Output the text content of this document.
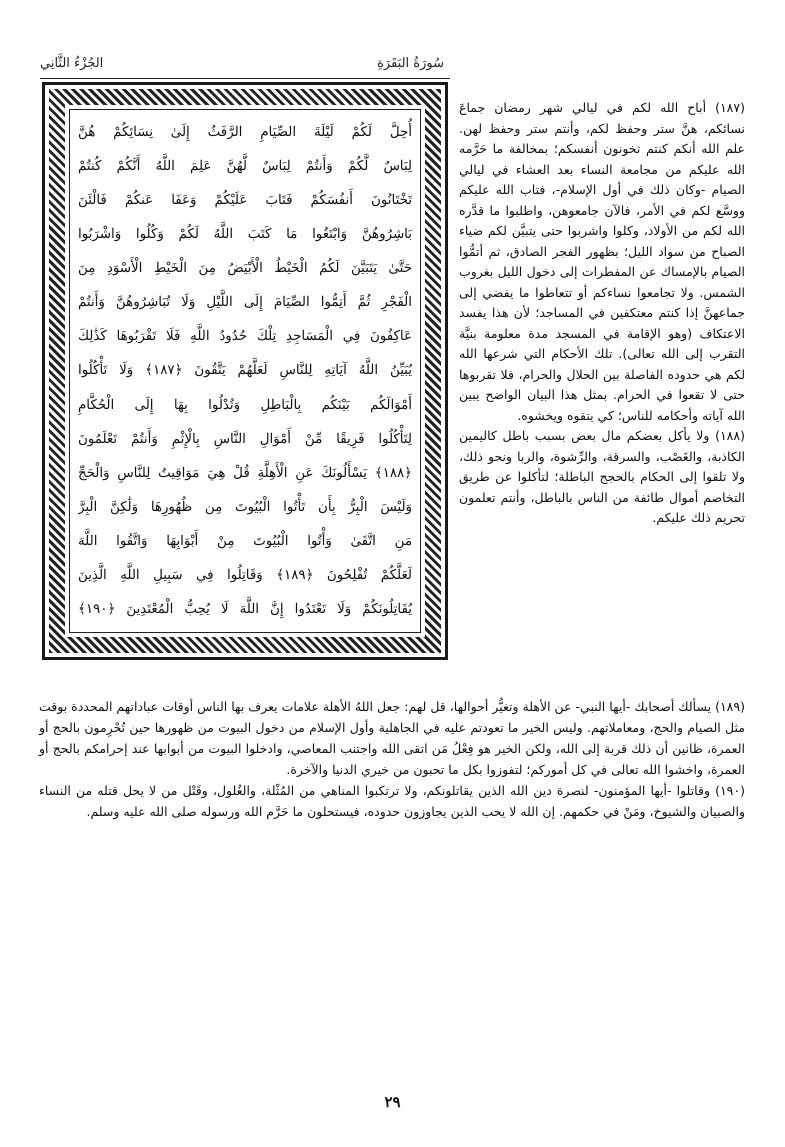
سُورَةُ البَقَرَةِ
الجُزْءُ الثَّانِي
أُحِلَّ لَكُمْ لَيْلَةَ الصِّيَامِ الرَّفَثُ إِلَىٰ نِسَائِكُمْ هُنَّ
لِبَاسٌ لَّكُمْ وَأَنتُمْ لِبَاسٌ لَّهُنَّ عَلِمَ اللَّهُ أَنَّكُمْ كُنتُمْ
تَخْتَانُونَ أَنفُسَكُمْ فَتَابَ عَلَيْكُمْ وَعَفَا عَنكُمْ فَالْئَنَ
بَاشِرُوهُنَّ وَابْتَغُوا مَا كَتَبَ اللَّهُ لَكُمْ وَكُلُوا وَاشْرَبُوا
حَتَّىٰ يَتَبَيَّنَ لَكُمُ الْخَيْطُ الْأَبْيَضُ مِنَ الْخَيْطِ الْأَسْوَدِ مِنَ
الْفَجْرِ ثُمَّ أَتِمُّوا الصِّيَامَ إِلَى اللَّيْلِ وَلَا تُبَاشِرُوهُنَّ وَأَنتُمْ
عَاكِفُونَ فِي الْمَسَاجِدِ تِلْكَ حُدُودُ اللَّهِ فَلَا تَقْرَبُوهَا كَذَٰلِكَ
يُبَيِّنُ اللَّهُ آيَاتِهِ لِلنَّاسِ لَعَلَّهُمْ يَتَّقُونَ ﴿١٨٧﴾ وَلَا تَأْكُلُوا
أَمْوَالَكُم بَيْنَكُم بِالْبَاطِلِ وَتُدْلُوا بِهَا إِلَى الْحُكَّامِ
لِتَأْكُلُوا فَرِيقًا مِّنْ أَمْوَالِ النَّاسِ بِالْإِثْمِ وَأَنتُمْ تَعْلَمُونَ
﴿١٨٨﴾ يَسْأَلُونَكَ عَنِ الْأَهِلَّةِ قُلْ هِيَ مَوَاقِيتُ لِلنَّاسِ وَالْحَجِّ
وَلَيْسَ الْبِرُّ بِأَن تَأْتُوا الْبُيُوتَ مِن ظُهُورِهَا وَلَٰكِنَّ الْبِرَّ
مَنِ اتَّقَىٰ وَأْتُوا الْبُيُوتَ مِنْ أَبْوَابِهَا وَاتَّقُوا اللَّهَ
لَعَلَّكُمْ تُفْلِحُونَ ﴿١٨٩﴾ وَقَاتِلُوا فِي سَبِيلِ اللَّهِ الَّذِينَ
يُقَاتِلُونَكُمْ وَلَا تَعْتَدُوا إِنَّ اللَّهَ لَا يُحِبُّ الْمُعْتَدِينَ ﴿١٩٠﴾

(١٨٧) أباح الله لكم في ليالي شهر رمضان جماعَ نسائكم، هنَّ ستر وحفظ لكم، وأنتم ستر وحفظ لهن. علم الله أنكم كنتم تخونون أنفسكم؛ بمخالفة ما حَرَّمه الله عليكم من مجامعة النساء بعد العشاء في ليالي الصيام -وكان ذلك في أول الإسلام-، فتاب الله عليكم ووسَّع لكم في الأمر، فالآن جامعوهن، واطلبوا ما قدَّره الله لكم من الأولاد، وكلوا واشربوا حتى يتبيَّن لكم ضياء الصباح من سواد الليل؛ بظهور الفجر الصادق، ثم أتمُّوا الصيام بالإمساك عن المفطرات إلى دخول الليل بغروب الشمس. ولا تجامعوا نساءكم أو تتعاطوا ما يفضي إلى جماعهنَّ إذا كنتم معتكفين في المساجد؛ لأن هذا يفسد الاعتكاف (وهو الإقامة في المسجد مدة معلومة بنيَّة التقرب إلى الله تعالى). تلك الأحكام التي شرعها الله لكم هي حدوده الفاصلة بين الحلال والحرام، فلا تقربوها حتى لا تقعوا في الحرام. بمثل هذا البيان الواضح يبين الله آياته وأحكامه للناس؛ كي يتقوه ويخشوه.

(١٨٨) ولا يأكل بعضكم مال بعض بسبب باطل كاليمين الكاذبة، والغَصْب، والسرقة، والرِّشوة، والربا ونحو ذلك، ولا تلقوا إلى الحكام بالحجج الباطلة؛ لتأكلوا عن طريق التخاصم أموال طائفة من الناس بالباطل، وأنتم تعلمون تحريم ذلك عليكم.

(١٨٩) يسألك أصحابك -أيها النبي- عن الأهلة وتغيُّر أحوالها، قل لهم: جعل اللهُ الأهلة علامات يعرف بها الناس أوقات عباداتهم المحددة بوقت مثل الصيام والحج، ومعاملاتهم. وليس الخير ما تعودتم عليه في الجاهلية وأول الإسلام من دخول البيوت من ظهورها حين تُحْرِمون بالحج أو العمرة، ظانين أن ذلك قربة إلى الله، ولكن الخير هو فِعْلُ مَن اتقى الله واجتنب المعاصي، وادخلوا البيوت من أبوابها عند إحرامكم بالحج أو العمرة، واخشوا الله تعالى في كل أموركم؛ لتفوزوا بكل ما تحبون من خيري الدنيا والآخرة.

(١٩٠) وقاتلوا -أيها المؤمنون- لنصرة دين الله الذين يقاتلونكم، ولا ترتكبوا المناهي من المُثْلة، والغُلول، وقَتْل من لا يحل قتله من النساء والصبيان والشيوخ، ومَنْ في حكمهم. إن الله لا يحب الذين يجاوزون حدوده، فيستحلون ما حَرَّم الله ورسوله صلى الله عليه وسلم.

٢٩
